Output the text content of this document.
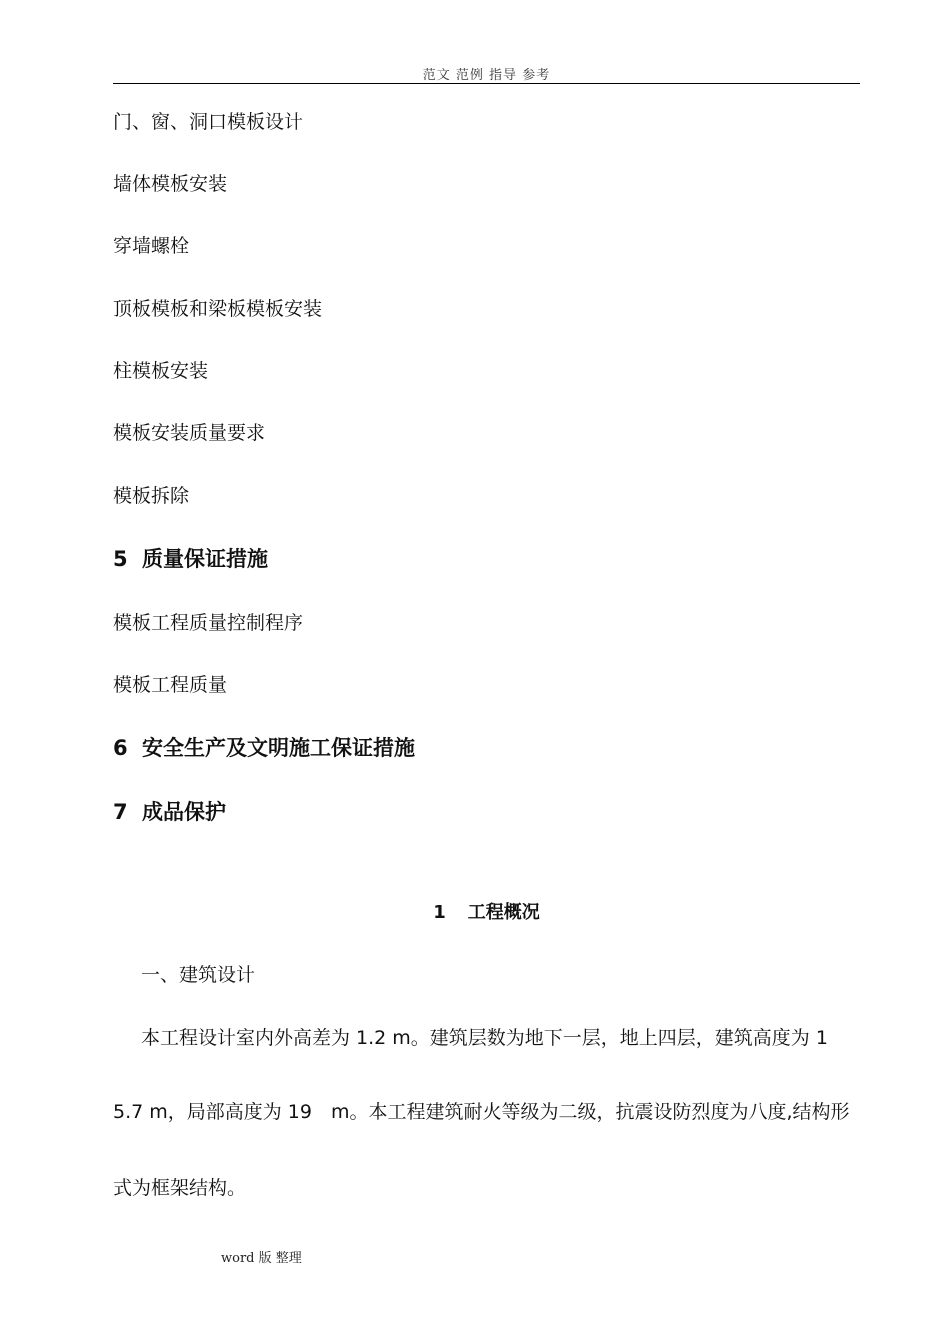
范文 范例 指导 参考
门、窗、洞口模板设计
墙体模板安装
穿墙螺栓
顶板模板和梁板模板安装
柱模板安装
模板安装质量要求
模板拆除
5 质量保证措施
模板工程质量控制程序
模板工程质量
6 安全生产及文明施工保证措施
7 成品保护
1 工程概况
一、建筑设计
本工程设计室内外高差为 1.2 m。建筑层数为地下一层，地上四层，建筑高度为 1
5.7 m，局部高度为 19　m。本工程建筑耐火等级为二级，抗震设防烈度为八度,结构形
式为框架结构。
word 版 整理
